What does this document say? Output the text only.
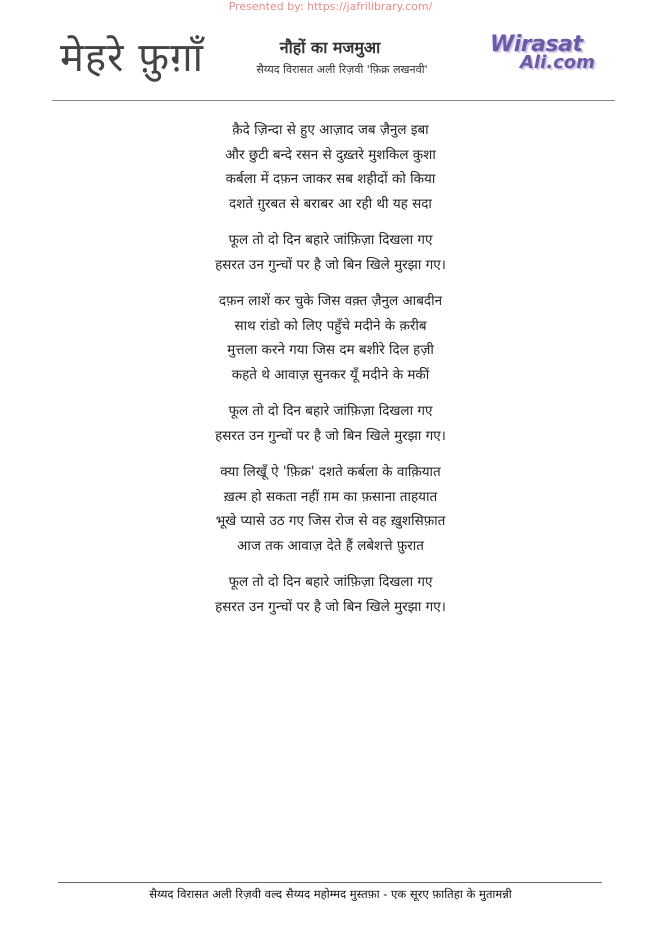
Presented by: https://jafrilibrary.com/
मेहरे फ़ुग़ाँ	नौहों का मजमुआ
सैय्यद विरासत अली रिज़वी 'फ़िक्र लखनवी'
Wirasat
Ali.com
क़ैदे ज़िन्दा से हुए आज़ाद जब ज़ैनुल इबा
और छुटी बन्दे रसन से दुख़्तरे मुशकिल कुशा
कर्बला में दफ़न जाकर सब शहीदों को किया
दशते ग़ुरबत से बराबर आ रही थी यह सदा
फूल तो दो दिन बहारे जांफ़िज़ा दिखला गए
हसरत उन गुन्चों पर है जो बिन खिले मुरझा गए।
दफ़न लाशें कर चुके जिस वक़्त ज़ैनुल आबदीन
साथ रांडो को लिए पहुँचे मदीने के क़रीब
मुत्तला करने गया जिस दम बशीरे दिल हज़ी
कहते थे आवाज़ सुनकर यूँ मदीने के मकीं
फूल तो दो दिन बहारे जांफ़िज़ा दिखला गए
हसरत उन गुन्चों पर है जो बिन खिले मुरझा गए।
क्या लिखूँ ऐ 'फ़िक्र' दशते कर्बला के वाक़ियात
ख़त्म हो सकता नहीं ग़म का फ़साना ताहयात
भूखे प्यासे उठ गए जिस रोज से वह ख़ुशसिफ़ात
आज तक आवाज़ देते हैं लबेशत्ते फ़ुरात
फूल तो दो दिन बहारे जांफ़िज़ा दिखला गए
हसरत उन गुन्चों पर है जो बिन खिले मुरझा गए।
सैय्यद विरासत अली रिज़वी वल्द सैय्यद महोम्मद मुस्तफ़ा - एक सूरए फ़ातिहा के मुतामन्नी
